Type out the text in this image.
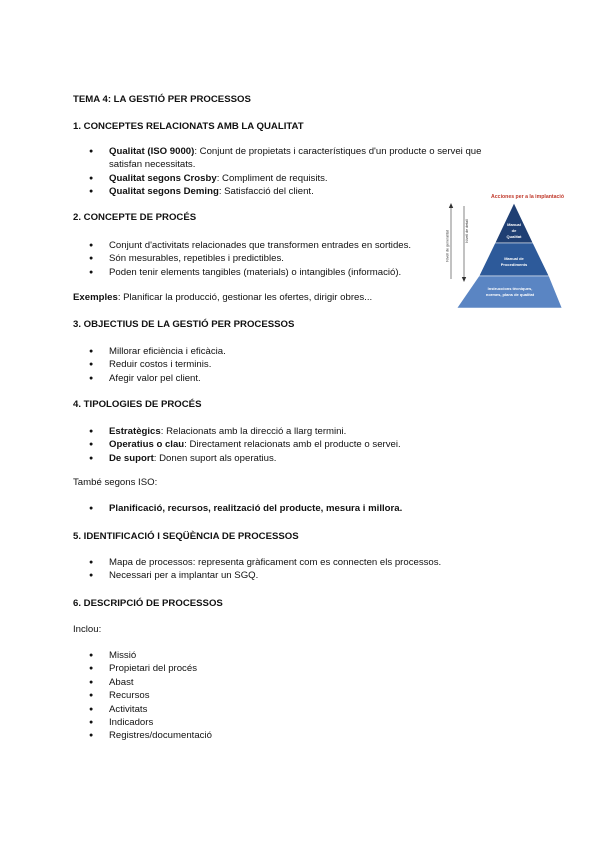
TEMA 4: LA GESTIÓ PER PROCESSOS
1. CONCEPTES RELACIONATS AMB LA QUALITAT
● Qualitat (ISO 9000): Conjunt de propietats i característiques d'un producte o servei que
satisfan necessitats.
● Qualitat segons Crosby: Compliment de requisits.
● Qualitat segons Deming: Satisfacció del client.
2. CONCEPTE DE PROCÉS
● Conjunt d'activitats relacionades que transformen entrades en sortides.
● Són mesurables, repetibles i predictibles.
● Poden tenir elements tangibles (materials) o intangibles (informació).
Exemples: Planificar la producció, gestionar les ofertes, dirigir obres...
Acciones per a la implantació
Nivell de generalitat	Nivell de detall	Manual
de
Qualitat
Manual de
Procediments
Instruccions tècniques,
normes, plans de qualitat
3. OBJECTIUS DE LA GESTIÓ PER PROCESSOS
● Millorar eficiència i eficàcia.
● Reduir costos i terminis.
● Afegir valor pel client.
4. TIPOLOGIES DE PROCÉS
● Estratègics: Relacionats amb la direcció a llarg termini.
● Operatius o clau: Directament relacionats amb el producte o servei.
● De suport: Donen suport als operatius.
També segons ISO:
● Planificació, recursos, realització del producte, mesura i millora.
5. IDENTIFICACIÓ I SEQÜÈNCIA DE PROCESSOS
● Mapa de processos: representa gràficament com es connecten els processos.
● Necessari per a implantar un SGQ.
6. DESCRIPCIÓ DE PROCESSOS
Inclou:
● Missió
● Propietari del procés
● Abast
● Recursos
● Activitats
● Indicadors
● Registres/documentació
